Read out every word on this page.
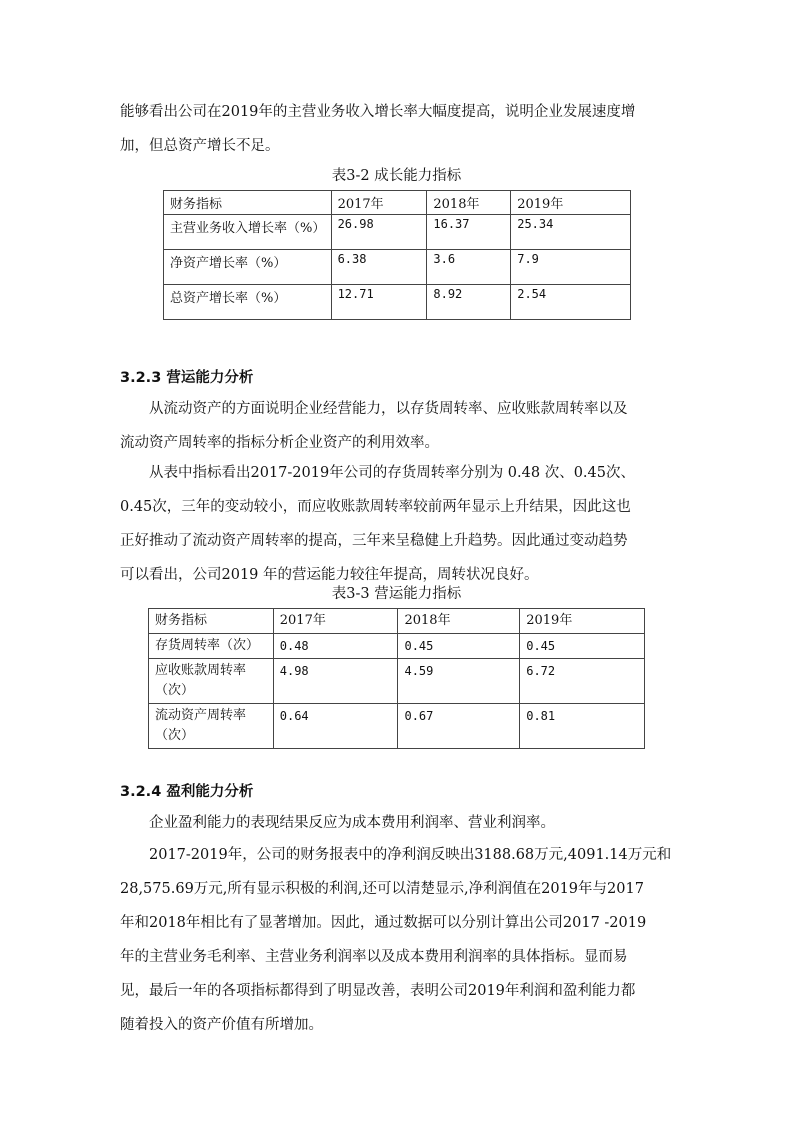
能够看出公司在2019年的主营业务收入增长率大幅度提高，说明企业发展速度增
加，但总资产增长不足。

表3-2 成长能力指标

财务指标	2017年	2018年	2019年
主营业务收入增长率（%）	26.98	16.37	25.34
净资产增长率（%）	6.38	3.6	7.9
总资产增长率（%）	12.71	8.92	2.54

3.2.3 营运能力分析

从流动资产的方面说明企业经营能力，以存货周转率、应收账款周转率以及
流动资产周转率的指标分析企业资产的利用效率。

从表中指标看出2017-2019年公司的存货周转率分别为 0.48 次、0.45次、
0.45次，三年的变动较小，而应收账款周转率较前两年显示上升结果，因此这也
正好推动了流动资产周转率的提高，三年来呈稳健上升趋势。因此通过变动趋势
可以看出，公司2019 年的营运能力较往年提高，周转状况良好。

表3-3 营运能力指标

财务指标	2017年	2018年	2019年
存货周转率（次）	0.48	0.45	0.45
应收账款周转率
（次）	4.98	4.59	6.72
流动资产周转率
（次）	0.64	0.67	0.81

3.2.4 盈利能力分析

企业盈利能力的表现结果反应为成本费用利润率、营业利润率。

2017-2019年，公司的财务报表中的净利润反映出3188.68万元,4091.14万元和
28,575.69万元,所有显示积极的利润,还可以清楚显示,净利润值在2019年与2017
年和2018年相比有了显著增加。因此，通过数据可以分别计算出公司2017 -2019
年的主营业务毛利率、主营业务利润率以及成本费用利润率的具体指标。显而易
见，最后一年的各项指标都得到了明显改善，表明公司2019年利润和盈利能力都
随着投入的资产价值有所增加。
